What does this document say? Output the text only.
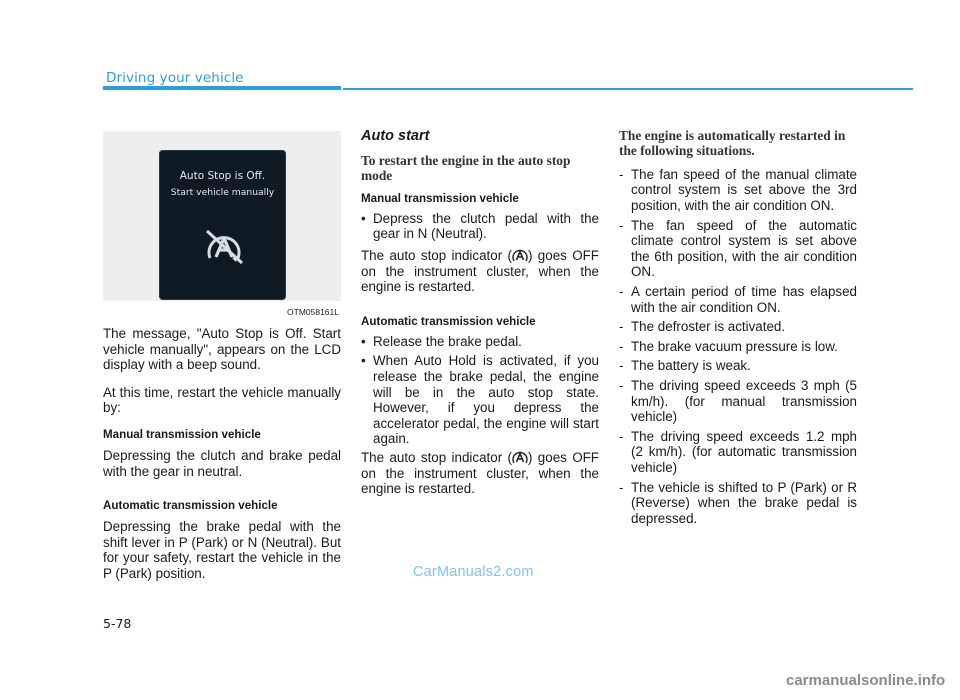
Driving your vehicle
Auto Stop is Off.
Start vehicle manually
OTM058161L

The message, "Auto Stop is Off. Start vehicle manually", appears on the LCD display with a beep sound.

At this time, restart the vehicle manually by:

Manual transmission vehicle

Depressing the clutch and brake pedal with the gear in neutral.

Automatic transmission vehicle

Depressing the brake pedal with the shift lever in P (Park) or N (Neutral). But for your safety, restart the vehicle in the P (Park) position.

Auto start
To restart the engine in the auto stop mode
Manual transmission vehicle
• Depress the clutch pedal with the gear in N (Neutral).

The auto stop indicator ( ) goes OFF on the instrument cluster, when the engine is restarted.

Automatic transmission vehicle
• Release the brake pedal.
• When Auto Hold is activated, if you release the brake pedal, the engine will be in the auto stop state. However, if you depress the accelerator pedal, the engine will start again.

The auto stop indicator ( ) goes OFF on the instrument cluster, when the engine is restarted.

The engine is automatically restarted in the following situations.
- The fan speed of the manual climate control system is set above the 3rd position, with the air condition ON.
- The fan speed of the automatic climate control system is set above the 6th position, with the air condition ON.
- A certain period of time has elapsed with the air condition ON.
- The defroster is activated.
- The brake vacuum pressure is low.
- The battery is weak.
- The driving speed exceeds 3 mph (5 km/h). (for manual transmission vehicle)
- The driving speed exceeds 1.2 mph (2 km/h). (for automatic transmission vehicle)
- The vehicle is shifted to P (Park) or R (Reverse) when the brake pedal is depressed.
5-78
CarManuals2.com
carmanualsonline.info
